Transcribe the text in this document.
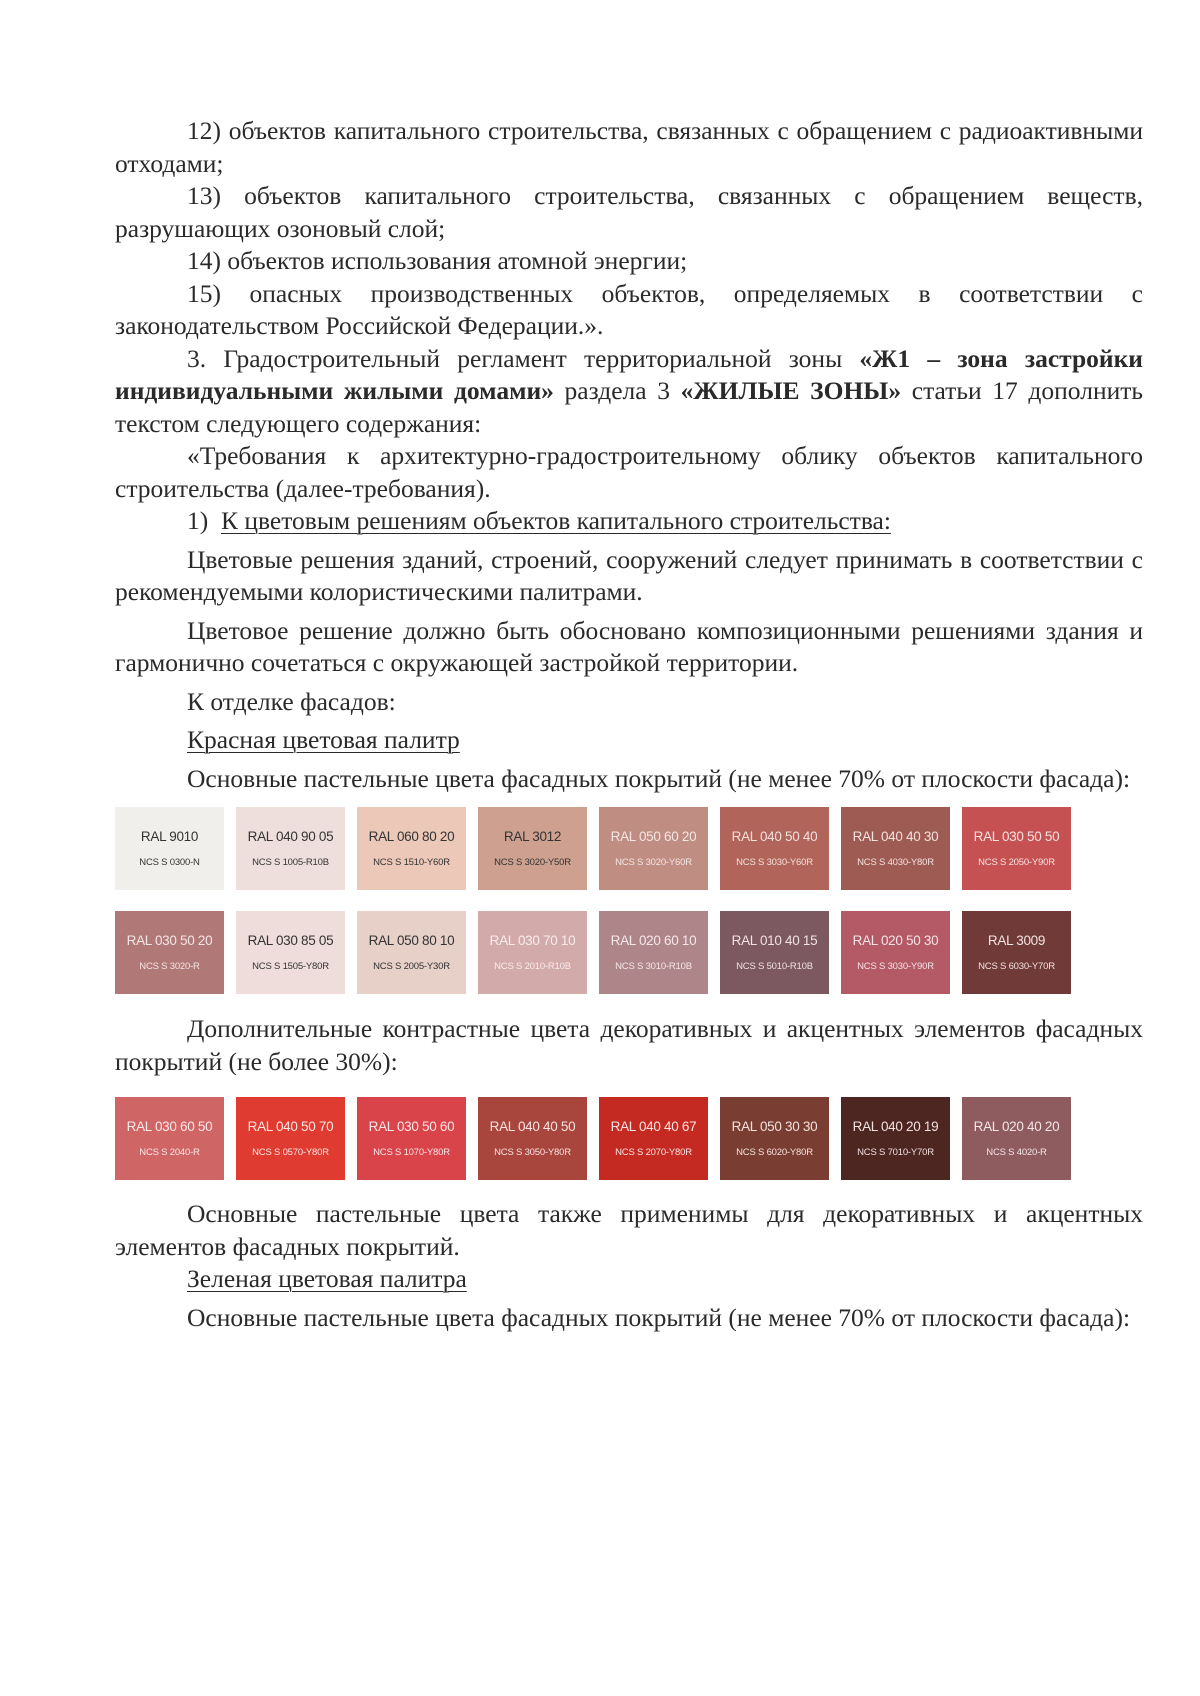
12) объектов капитального строительства, связанных с обращением с радиоактивными отходами;

13) объектов капитального строительства, связанных с обращением веществ, разрушающих озоновый слой;

14) объектов использования атомной энергии;

15) опасных производственных объектов, определяемых в соответствии с законодательством Российской Федерации.».

3. Градостроительный регламент территориальной зоны «Ж1 – зона застройки индивидуальными жилыми домами» раздела 3 «ЖИЛЫЕ ЗОНЫ» статьи 17 дополнить текстом следующего содержания:

«Требования к архитектурно-градостроительному облику объектов капитального строительства (далее-требования).

1) К цветовым решениям объектов капитального строительства:

Цветовые решения зданий, строений, сооружений следует принимать в соответствии с рекомендуемыми колористическими палитрами.

Цветовое решение должно быть обосновано композиционными решениями здания и гармонично сочетаться с окружающей застройкой территории.

К отделке фасадов:

Красная цветовая палитр

Основные пастельные цвета фасадных покрытий (не менее 70% от плоскости фасада):

RAL 9010
NCS S 0300-N
RAL 040 90 05
NCS S 1005-R10B
RAL 060 80 20
NCS S 1510-Y60R
RAL 3012
NCS S 3020-Y50R
RAL 050 60 20
NCS S 3020-Y60R
RAL 040 50 40
NCS S 3030-Y60R
RAL 040 40 30
NCS S 4030-Y80R
RAL 030 50 50
NCS S 2050-Y90R
RAL 030 50 20
NCS S 3020-R
RAL 030 85 05
NCS S 1505-Y80R
RAL 050 80 10
NCS S 2005-Y30R
RAL 030 70 10
NCS S 2010-R10B
RAL 020 60 10
NCS S 3010-R10B
RAL 010 40 15
NCS S 5010-R10B
RAL 020 50 30
NCS S 3030-Y90R
RAL 3009
NCS S 6030-Y70R

Дополнительные контрастные цвета декоративных и акцентных элементов фасадных покрытий (не более 30%):

RAL 030 60 50
NCS S 2040-R
RAL 040 50 70
NCS S 0570-Y80R
RAL 030 50 60
NCS S 1070-Y80R
RAL 040 40 50
NCS S 3050-Y80R
RAL 040 40 67
NCS S 2070-Y80R
RAL 050 30 30
NCS S 6020-Y80R
RAL 040 20 19
NCS S 7010-Y70R
RAL 020 40 20
NCS S 4020-R

Основные пастельные цвета также применимы для декоративных и акцентных элементов фасадных покрытий.

Зеленая цветовая палитра

Основные пастельные цвета фасадных покрытий (не менее 70% от плоскости фасада):
